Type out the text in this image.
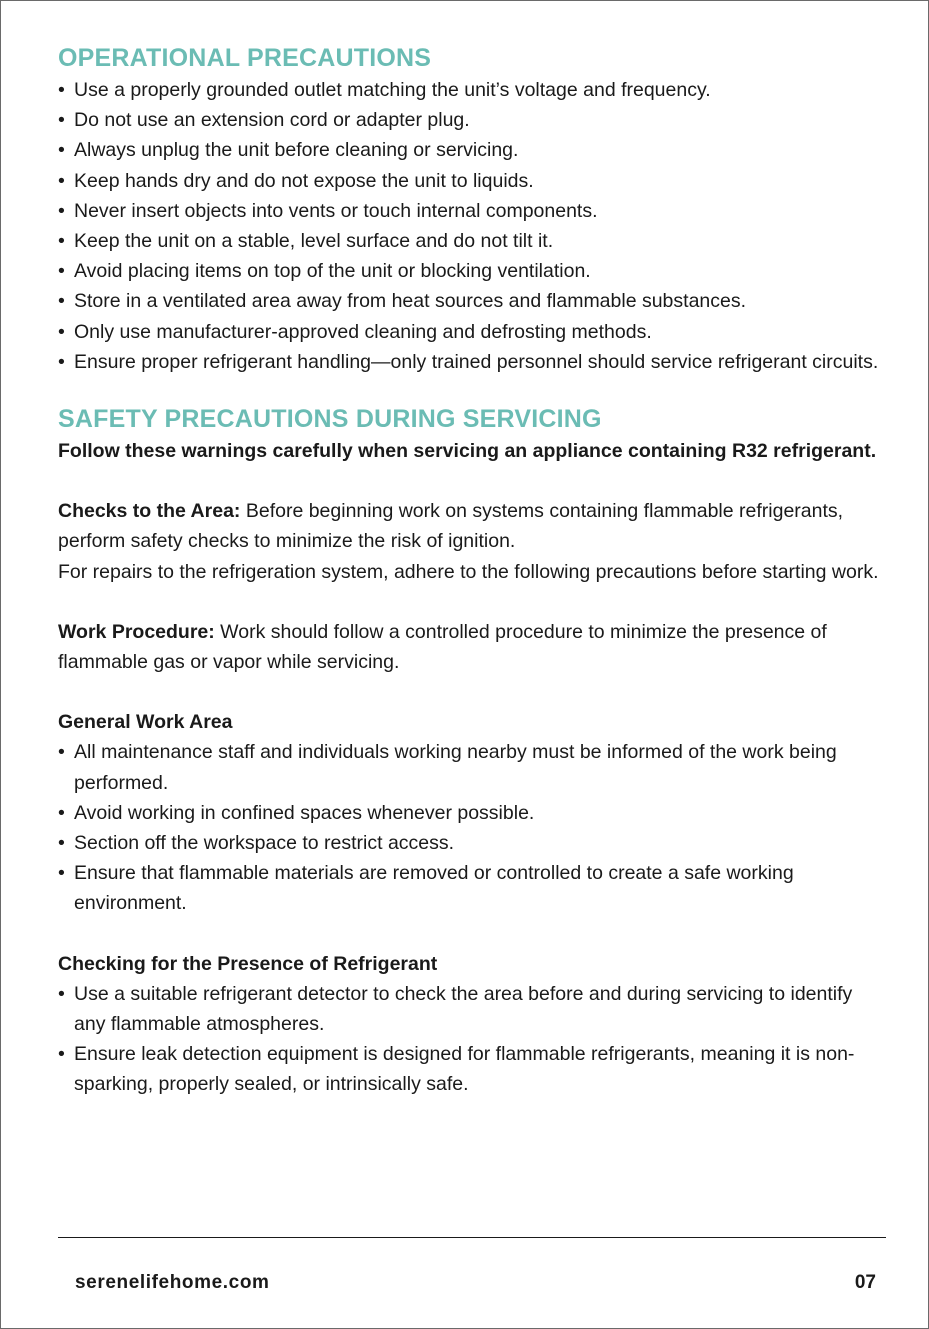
OPERATIONAL PRECAUTIONS
• Use a properly grounded outlet matching the unit’s voltage and frequency.
• Do not use an extension cord or adapter plug.
• Always unplug the unit before cleaning or servicing.
• Keep hands dry and do not expose the unit to liquids.
• Never insert objects into vents or touch internal components.
• Keep the unit on a stable, level surface and do not tilt it.
• Avoid placing items on top of the unit or blocking ventilation.
• Store in a ventilated area away from heat sources and flammable substances.
• Only use manufacturer-approved cleaning and defrosting methods.
• Ensure proper refrigerant handling—only trained personnel should service refrigerant circuits.
SAFETY PRECAUTIONS DURING SERVICING

Follow these warnings carefully when servicing an appliance containing R32 refrigerant.

Checks to the Area: Before beginning work on systems containing flammable refrigerants, perform safety checks to minimize the risk of ignition.

For repairs to the refrigeration system, adhere to the following precautions before starting work.

Work Procedure: Work should follow a controlled procedure to minimize the presence of flammable gas or vapor while servicing.

General Work Area
• All maintenance staff and individuals working nearby must be informed of the work being performed.
• Avoid working in confined spaces whenever possible.
• Section off the workspace to restrict access.
• Ensure that flammable materials are removed or controlled to create a safe working environment.
Checking for the Presence of Refrigerant
• Use a suitable refrigerant detector to check the area before and during servicing to identify any flammable atmospheres.
• Ensure leak detection equipment is designed for flammable refrigerants, meaning it is non-sparking, properly sealed, or intrinsically safe.
serenelifehome.com	07
